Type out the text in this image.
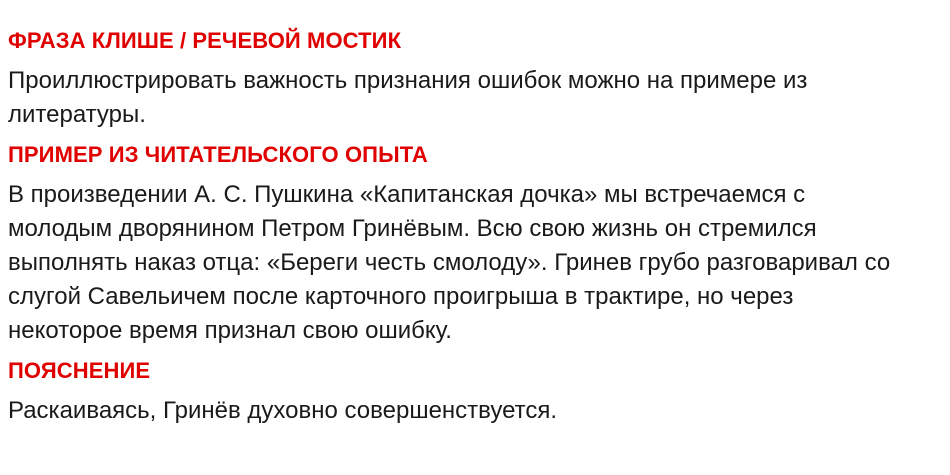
ФРАЗА КЛИШЕ / РЕЧЕВОЙ МОСТИК

Проиллюстрировать важность признания ошибок можно на примере из литературы.

ПРИМЕР ИЗ ЧИТАТЕЛЬСКОГО ОПЫТА

В произведении А. С. Пушкина «Капитанская дочка» мы встречаемся с молодым дворянином Петром Гринёвым. Всю свою жизнь он стремился выполнять наказ отца: «Береги честь смолоду». Гринев грубо разговаривал со слугой Савельичем после карточного проигрыша в трактире, но через некоторое время признал свою ошибку.

ПОЯСНЕНИЕ

Раскаиваясь, Гринёв духовно совершенствуется.
